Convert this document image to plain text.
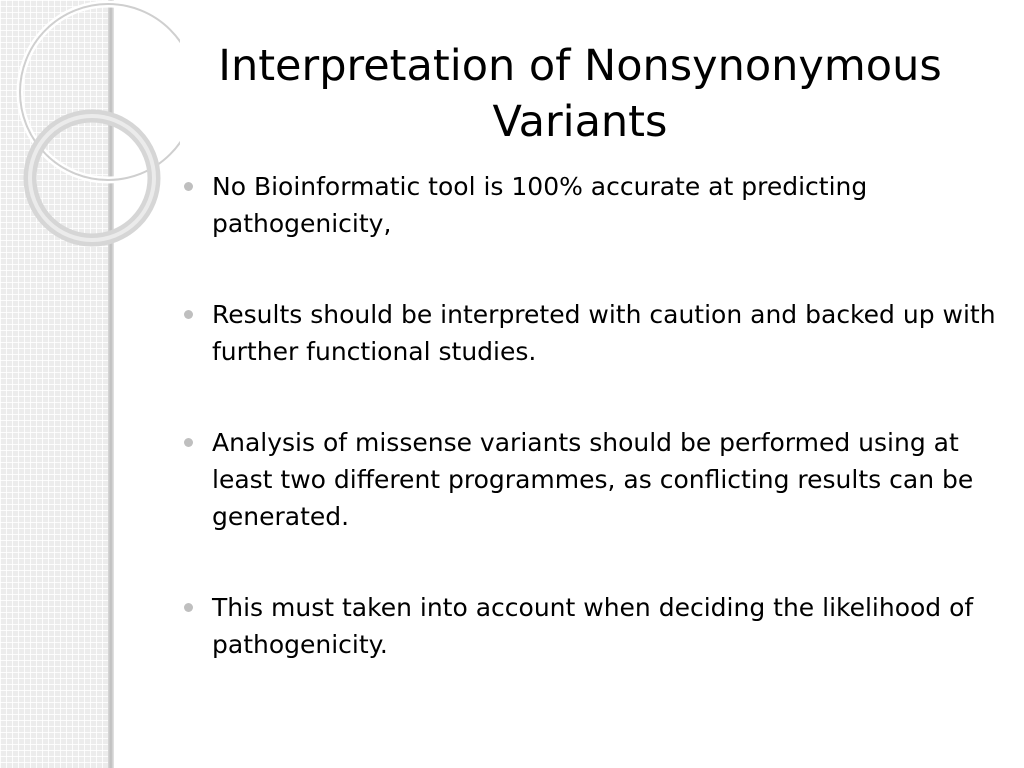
Interpretation of Nonsynonymous Variants
No Bioinformatic tool is 100% accurate at predicting pathogenicity,
Results should be interpreted with caution and backed up with further functional studies.
Analysis of missense variants should be performed using at least two different programmes, as conflicting results can be generated.
This must taken into account when deciding the likelihood of pathogenicity.
